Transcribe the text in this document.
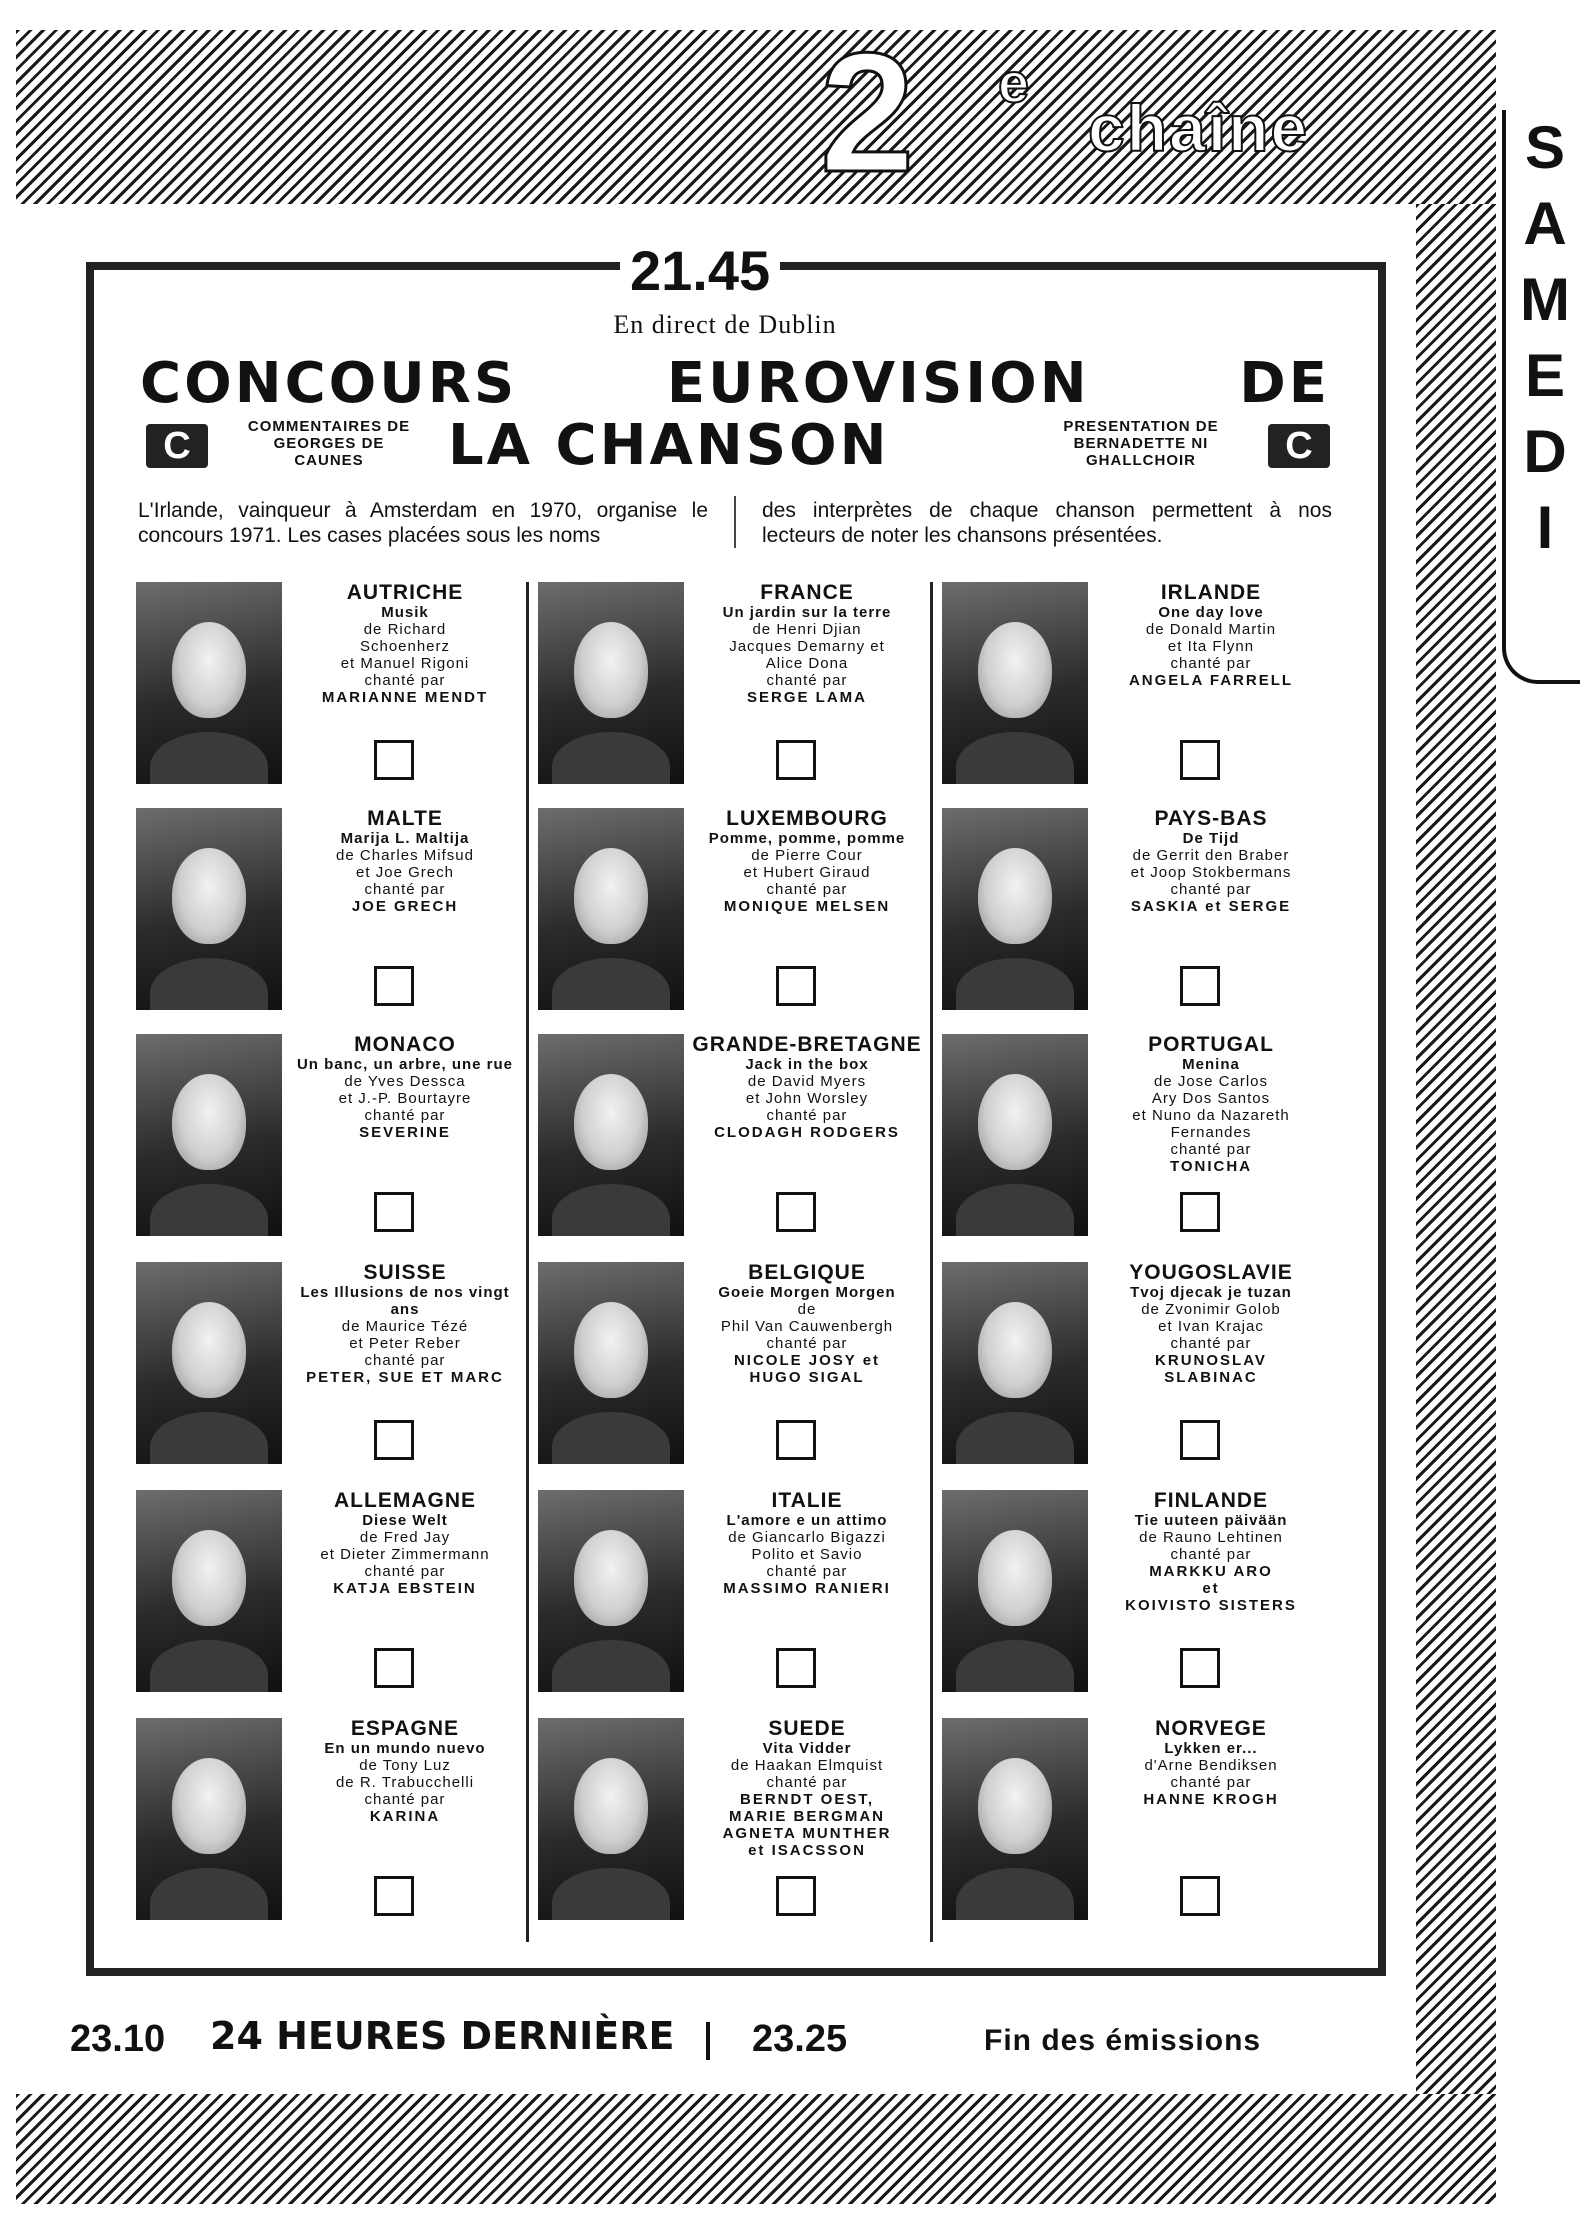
2 e
chaîne	S
A
M
E
D
I
21.45
En direct de Dublin
CONCOURS EUROVISION DE
LA CHANSON
C	C
COMMENTAIRES DE GEORGES DE CAUNES
PRESENTATION DE BERNADETTE NI GHALLCHOIR
L'Irlande, vainqueur à Amsterdam en 1970, organise le concours 1971. Les cases placées sous les noms
des interprètes de chaque chanson permettent à nos lecteurs de noter les chansons présentées.
AUTRICHE
Musik
de Richard
Schoenherz
et Manuel Rigoni
chanté par
MARIANNE MENDT
FRANCE
Un jardin sur la terre
de Henri Djian
Jacques Demarny et
Alice Dona
chanté par
SERGE LAMA
IRLANDE
One day love
de Donald Martin
et Ita Flynn
chanté par
ANGELA FARRELL
MALTE
Marija L. Maltija
de Charles Mifsud
et Joe Grech
chanté par
JOE GRECH
LUXEMBOURG
Pomme, pomme, pomme
de Pierre Cour
et Hubert Giraud
chanté par
MONIQUE MELSEN
PAYS-BAS
De Tijd
de Gerrit den Braber
et Joop Stokbermans
chanté par
SASKIA et SERGE
MONACO
Un banc, un arbre, une rue
de Yves Dessca
et J.-P. Bourtayre
chanté par
SEVERINE
GRANDE-BRETAGNE
Jack in the box
de David Myers
et John Worsley
chanté par
CLODAGH RODGERS
PORTUGAL
Menina
de Jose Carlos
Ary Dos Santos
et Nuno da Nazareth
Fernandes
chanté par
TONICHA
SUISSE
Les Illusions de nos vingt ans
de Maurice Tézé
et Peter Reber
chanté par
PETER, SUE ET MARC
BELGIQUE
Goeie Morgen Morgen
de
Phil Van Cauwenbergh
chanté par
NICOLE JOSY et
HUGO SIGAL
YOUGOSLAVIE
Tvoj djecak je tuzan
de Zvonimir Golob
et Ivan Krajac
chanté par
KRUNOSLAV
SLABINAC
ALLEMAGNE
Diese Welt
de Fred Jay
et Dieter Zimmermann
chanté par
KATJA EBSTEIN
ITALIE
L'amore e un attimo
de Giancarlo Bigazzi
Polito et Savio
chanté par
MASSIMO RANIERI
FINLANDE
Tie uuteen päivään
de Rauno Lehtinen
chanté par
MARKKU ARO
et
KOIVISTO SISTERS
ESPAGNE
En un mundo nuevo
de Tony Luz
de R. Trabucchelli
chanté par
KARINA
SUEDE
Vita Vidder
de Haakan Elmquist
chanté par
BERNDT OEST,
MARIE BERGMAN
AGNETA MUNTHER
et ISACSSON
NORVEGE
Lykken er...
d'Arne Bendiksen
chanté par
HANNE KROGH
23.10 24 HEURES DERNIÈRE 23.25	Fin des émissions
